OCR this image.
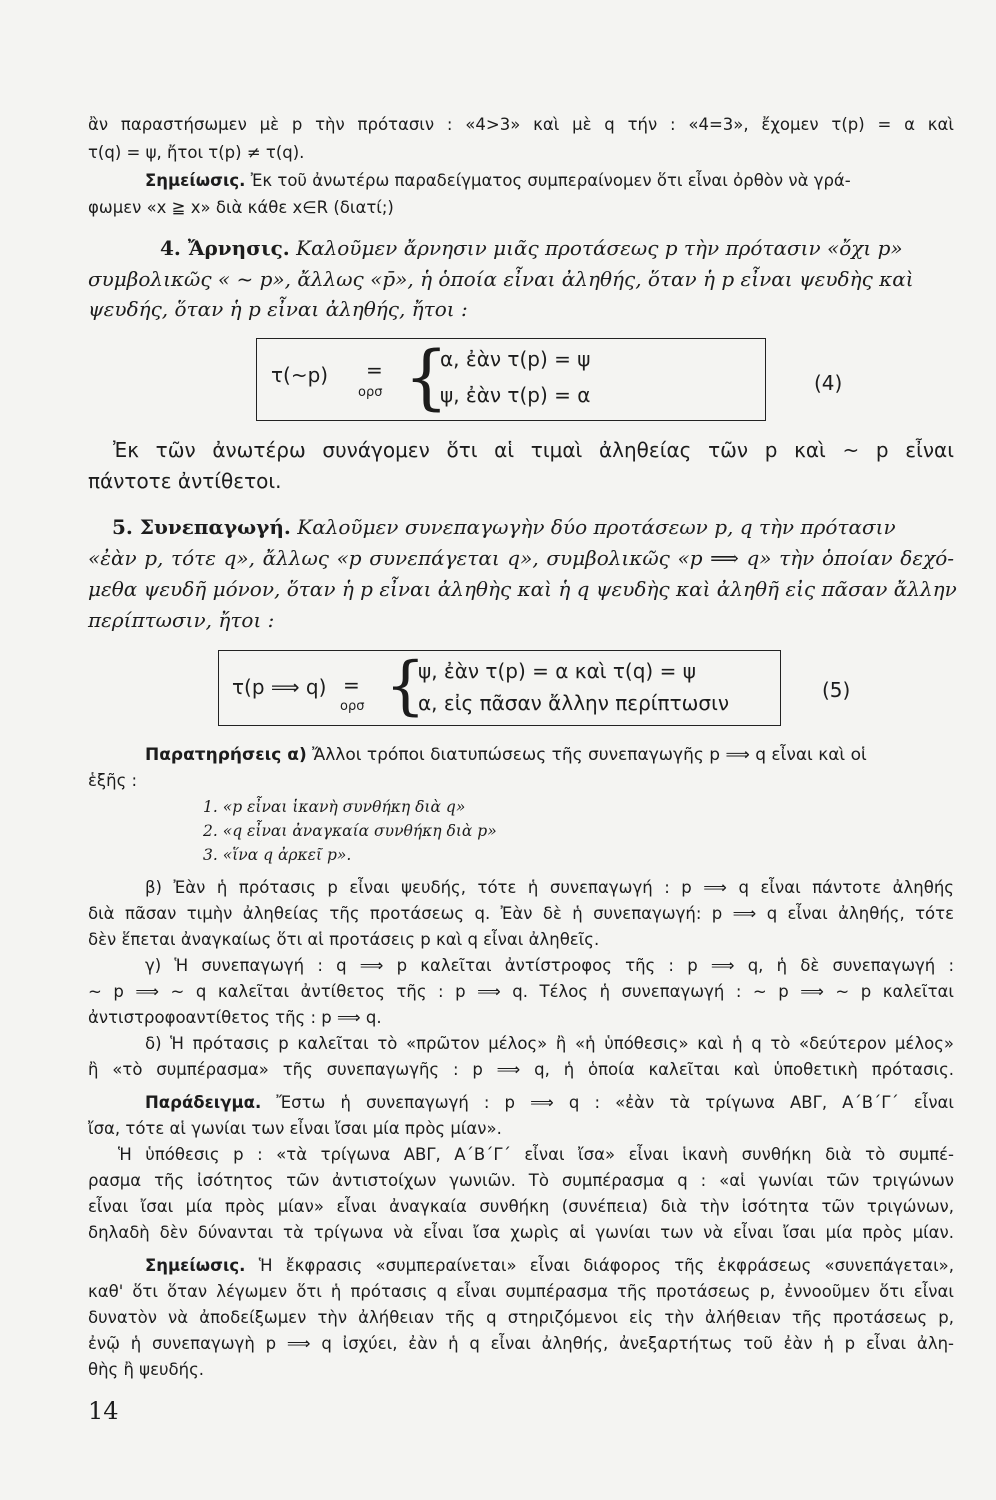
ἂν παραστήσωμεν μὲ p τὴν πρότασιν : «4>3» καὶ μὲ q τήν : «4=3», ἔχομεν τ(p) = α καὶ
τ(q) = ψ, ἤτοι τ(p) ≠ τ(q).
Σημείωσις. Ἐκ τοῦ ἀνωτέρω παραδείγματος συμπεραίνομεν ὅτι εἶναι ὀρθὸν νὰ γρά-
φωμεν «x ≧ x» διὰ κάθε x∈R (διατί;)
4. Ἄρνησις. Καλοῦμεν ἄρνησιν μιᾶς προτάσεως p τὴν πρότασιν «ὄχι p»
συμβολικῶς « ~ p», ἄλλως «p̄», ἡ ὁποία εἶναι ἀληθής, ὅταν ἡ p εἶναι ψευδὴς καὶ
ψευδής, ὅταν ἡ p εἶναι ἀληθής, ἤτοι :
τ(~p) =
ορσ {
α, ἐὰν τ(p) = ψ
ψ, ἐὰν τ(p) = α	(4)
Ἐκ τῶν ἀνωτέρω συνάγομεν ὅτι αἱ τιμαὶ ἀληθείας τῶν p καὶ ~ p εἶναι
πάντοτε ἀντίθετοι.
5. Συνεπαγωγή. Καλοῦμεν συνεπαγωγὴν δύο προτάσεων p, q τὴν πρότασιν
«ἐὰν p, τότε q», ἄλλως «p συνεπάγεται q», συμβολικῶς «p ⟹ q» τὴν ὁποίαν δεχό-
μεθα ψευδῆ μόνον, ὅταν ἡ p εἶναι ἀληθὴς καὶ ἡ q ψευδὴς καὶ ἀληθῆ εἰς πᾶσαν ἄλλην
περίπτωσιν, ἤτοι :
τ(p ⟹ q) =
ορσ {
ψ, ἐὰν τ(p) = α καὶ τ(q) = ψ
α, εἰς πᾶσαν ἄλλην περίπτωσιν
(5)
Παρατηρήσεις α) Ἄλλοι τρόποι διατυπώσεως τῆς συνεπαγωγῆς p ⟹ q εἶναι καὶ οἱ
ἑξῆς :
1. «p εἶναι ἱκανὴ συνθήκη διὰ q»
2. «q εἶναι ἀναγκαία συνθήκη διὰ p»
3. «ἵνα q ἀρκεῖ p».
β) Ἐὰν ἡ πρότασις p εἶναι ψευδής, τότε ἡ συνεπαγωγή : p ⟹ q εἶναι πάντοτε ἀληθής
διὰ πᾶσαν τιμὴν ἀληθείας τῆς προτάσεως q. Ἐὰν δὲ ἡ συνεπαγωγή: p ⟹ q εἶναι ἀληθής, τότε
δὲν ἕπεται ἀναγκαίως ὅτι αἱ προτάσεις p καὶ q εἶναι ἀληθεῖς.
γ) Ἡ συνεπαγωγή : q ⟹ p καλεῖται ἀντίστροφος τῆς : p ⟹ q, ἡ δὲ συνεπαγωγή :
~ p ⟹ ~ q καλεῖται ἀντίθετος τῆς : p ⟹ q. Τέλος ἡ συνεπαγωγή : ~ p ⟹ ~ p καλεῖται
ἀντιστροφοαντίθετος τῆς : p ⟹ q.
δ) Ἡ πρότασις p καλεῖται τὸ «πρῶτον μέλος» ἢ «ἡ ὑπόθεσις» καὶ ἡ q τὸ «δεύτερον μέλος»
ἢ «τὸ συμπέρασμα» τῆς συνεπαγωγῆς : p ⟹ q, ἡ ὁποία καλεῖται καὶ ὑποθετικὴ πρότασις.
Παράδειγμα. Ἔστω ἡ συνεπαγωγή : p ⟹ q : «ἐὰν τὰ τρίγωνα ΑΒΓ, Α΄Β΄Γ΄ εἶναι
ἴσα, τότε αἱ γωνίαι των εἶναι ἴσαι μία πρὸς μίαν».
Ἡ ὑπόθεσις p : «τὰ τρίγωνα ΑΒΓ, Α΄Β΄Γ΄ εἶναι ἴσα» εἶναι ἱκανὴ συνθήκη διὰ τὸ συμπέ-
ρασμα τῆς ἰσότητος τῶν ἀντιστοίχων γωνιῶν. Τὸ συμπέρασμα q : «αἱ γωνίαι τῶν τριγώνων
εἶναι ἴσαι μία πρὸς μίαν» εἶναι ἀναγκαία συνθήκη (συνέπεια) διὰ τὴν ἰσότητα τῶν τριγώνων,
δηλαδὴ δὲν δύνανται τὰ τρίγωνα νὰ εἶναι ἴσα χωρὶς αἱ γωνίαι των νὰ εἶναι ἴσαι μία πρὸς μίαν.
Σημείωσις. Ἡ ἔκφρασις «συμπεραίνεται» εἶναι διάφορος τῆς ἐκφράσεως «συνεπάγεται»,
καθ' ὅτι ὅταν λέγωμεν ὅτι ἡ πρότασις q εἶναι συμπέρασμα τῆς προτάσεως p, ἐννοοῦμεν ὅτι εἶναι
δυνατὸν νὰ ἀποδείξωμεν τὴν ἀλήθειαν τῆς q στηριζόμενοι εἰς τὴν ἀλήθειαν τῆς προτάσεως p,
ἐνῷ ἡ συνεπαγωγὴ p ⟹ q ἰσχύει, ἐὰν ἡ q εἶναι ἀληθής, ἀνεξαρτήτως τοῦ ἐὰν ἡ p εἶναι ἀλη-
θὴς ἢ ψευδής.
14
